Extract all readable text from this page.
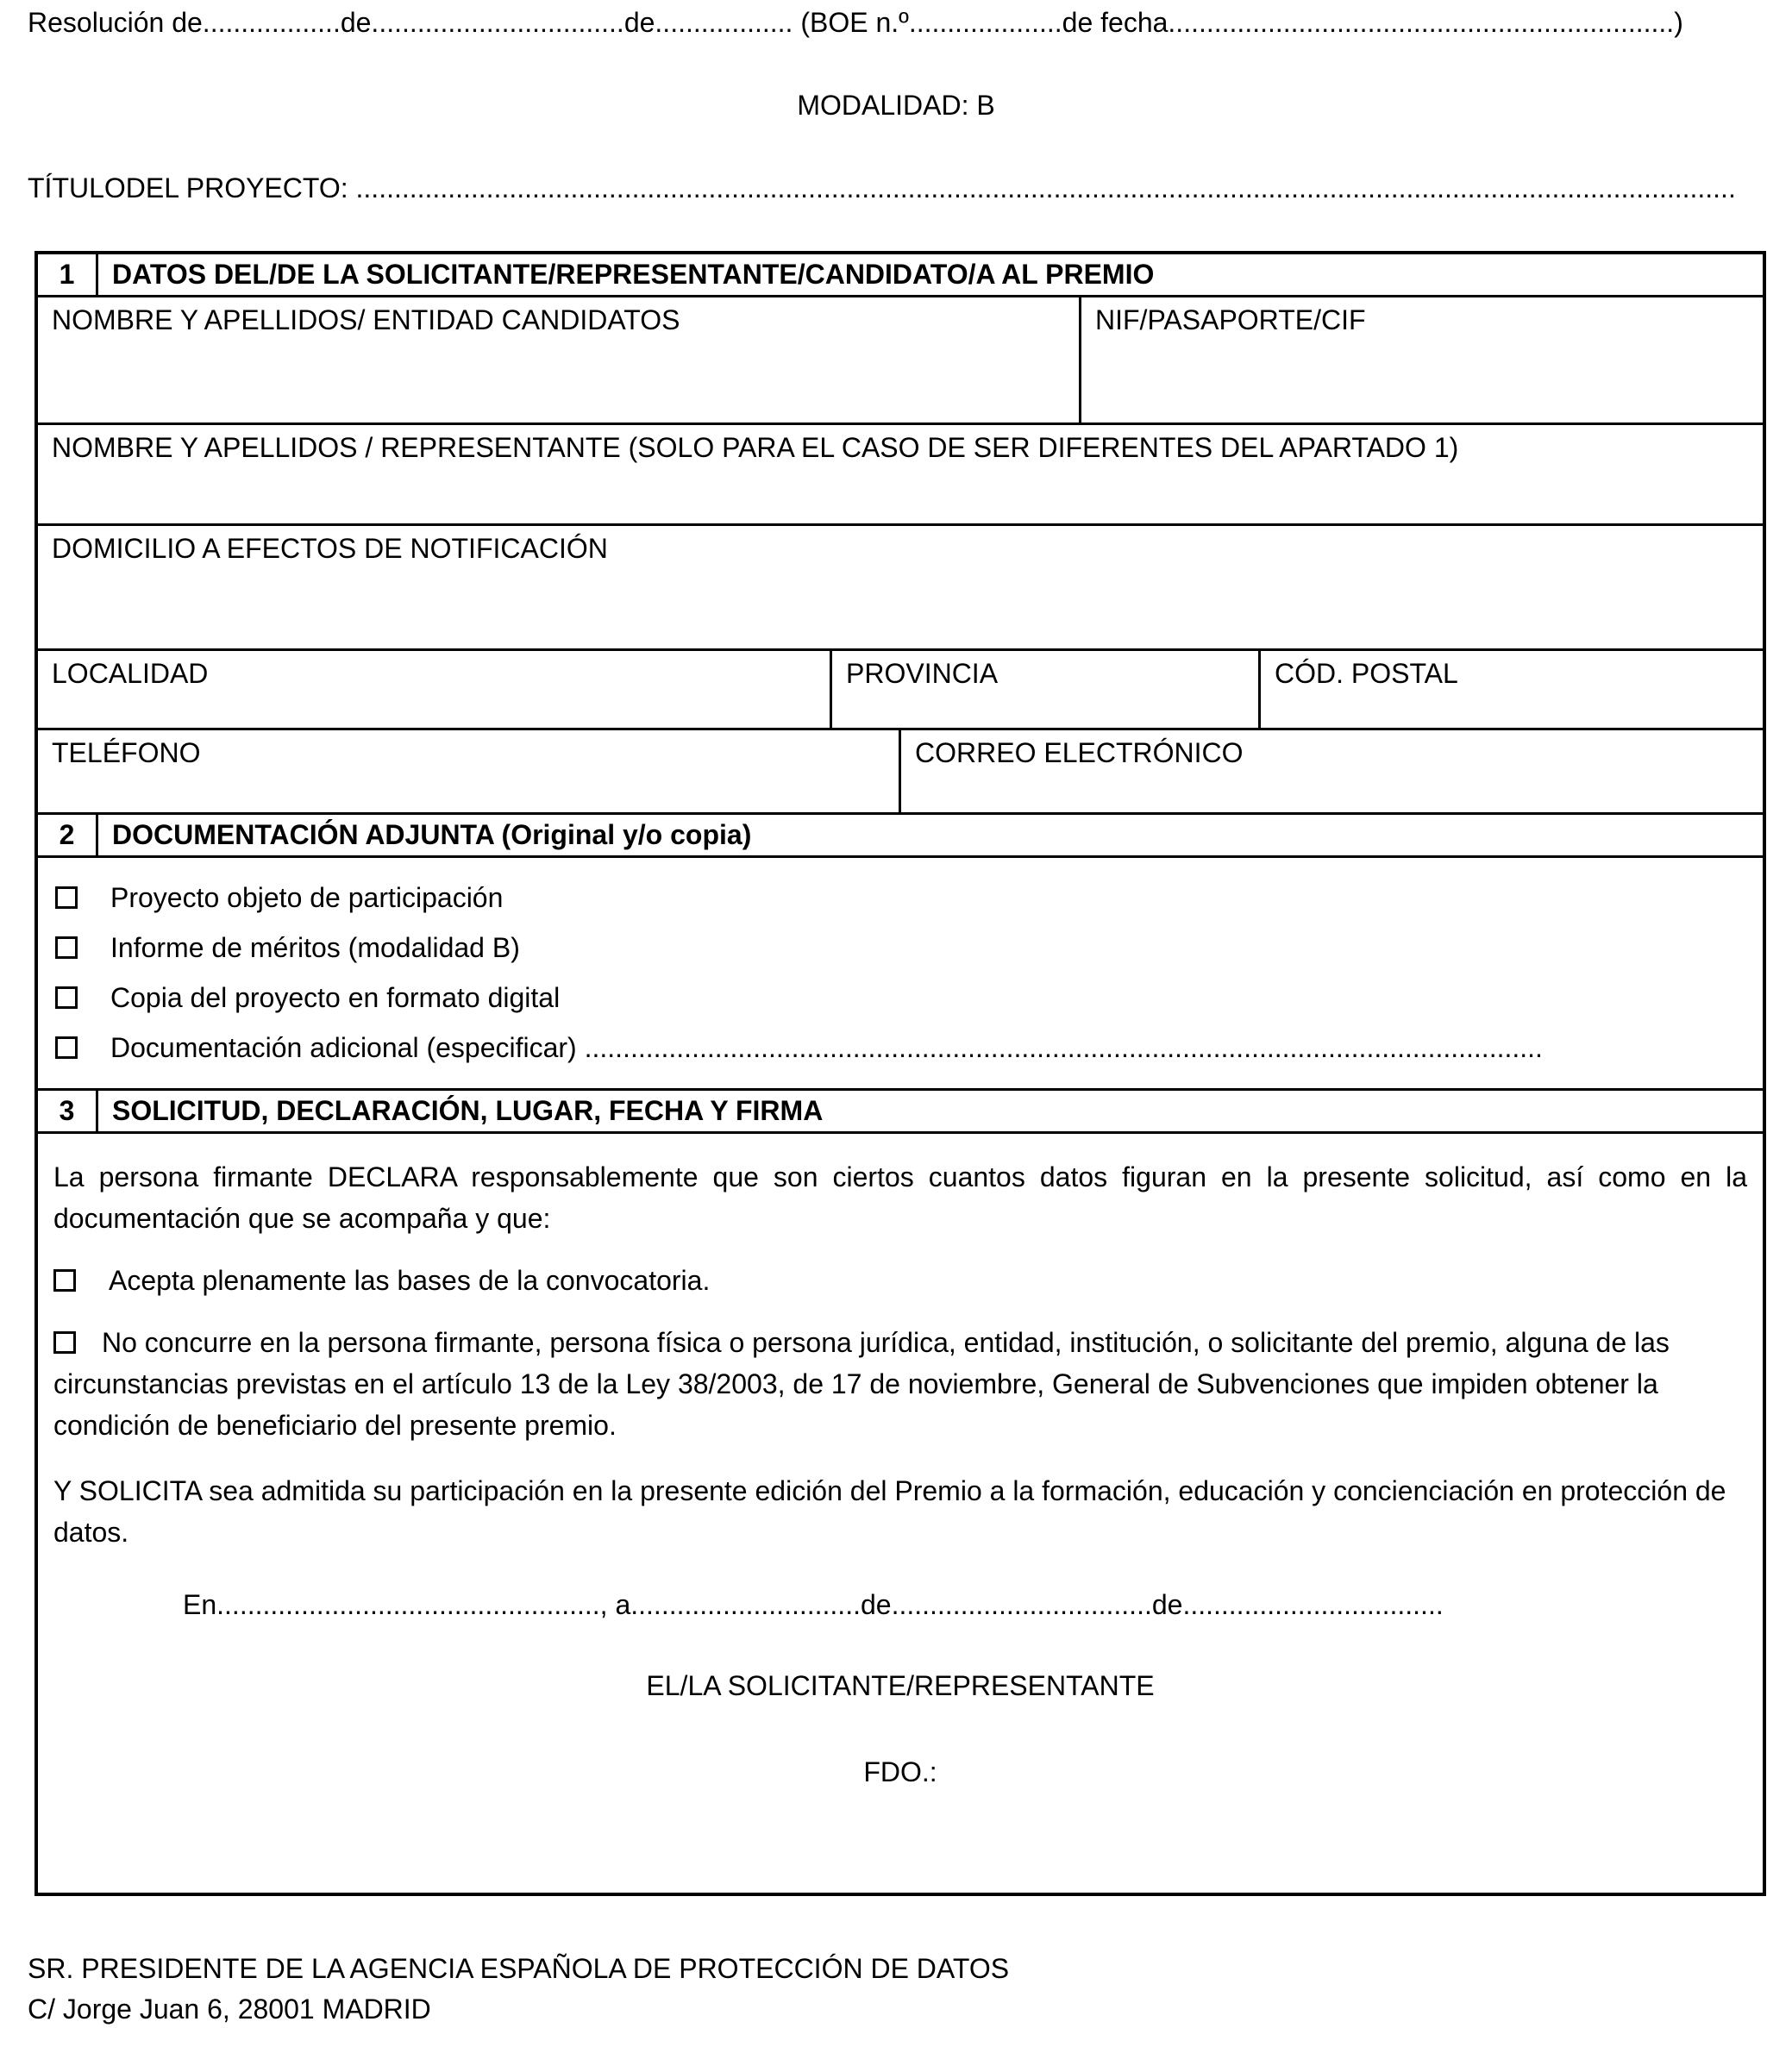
Resolución de..................de.................................de.................. (BOE n.º....................de fecha..................................................................)
MODALIDAD: B
TÍTULODEL PROYECTO: ....................................................................................................................................................................................
1	DATOS DEL/DE LA SOLICITANTE/REPRESENTANTE/CANDIDATO/A AL PREMIO
NOMBRE Y APELLIDOS/ ENTIDAD CANDIDATOS	NIF/PASAPORTE/CIF
NOMBRE Y APELLIDOS / REPRESENTANTE (SOLO PARA EL CASO DE SER DIFERENTES DEL APARTADO 1)
DOMICILIO A EFECTOS DE NOTIFICACIÓN
LOCALIDAD	PROVINCIA	CÓD. POSTAL
TELÉFONO	CORREO ELECTRÓNICO
2	DOCUMENTACIÓN ADJUNTA (Original y/o copia)
Proyecto objeto de participación
Informe de méritos (modalidad B)
Copia del proyecto en formato digital
Documentación adicional (especificar) .............................................................................................................................
3	SOLICITUD, DECLARACIÓN, LUGAR, FECHA Y FIRMA

La persona firmante DECLARA responsablemente que son ciertos cuantos datos figuran en la presente solicitud, así como en la documentación que se acompaña y que:

Acepta plenamente las bases de la convocatoria.

No concurre en la persona firmante, persona física o persona jurídica, entidad, institución, o solicitante del premio, alguna de las circunstancias previstas en el artículo 13 de la Ley 38/2003, de 17 de noviembre, General de Subvenciones que impiden obtener la condición de beneficiario del presente premio.

Y SOLICITA sea admitida su participación en la presente edición del Premio a la formación, educación y concienciación en protección de datos.

En.................................................., a..............................de..................................de..................................

EL/LA SOLICITANTE/REPRESENTANTE

FDO.:

SR. PRESIDENTE DE LA AGENCIA ESPAÑOLA DE PROTECCIÓN DE DATOS
C/ Jorge Juan 6, 28001 MADRID
